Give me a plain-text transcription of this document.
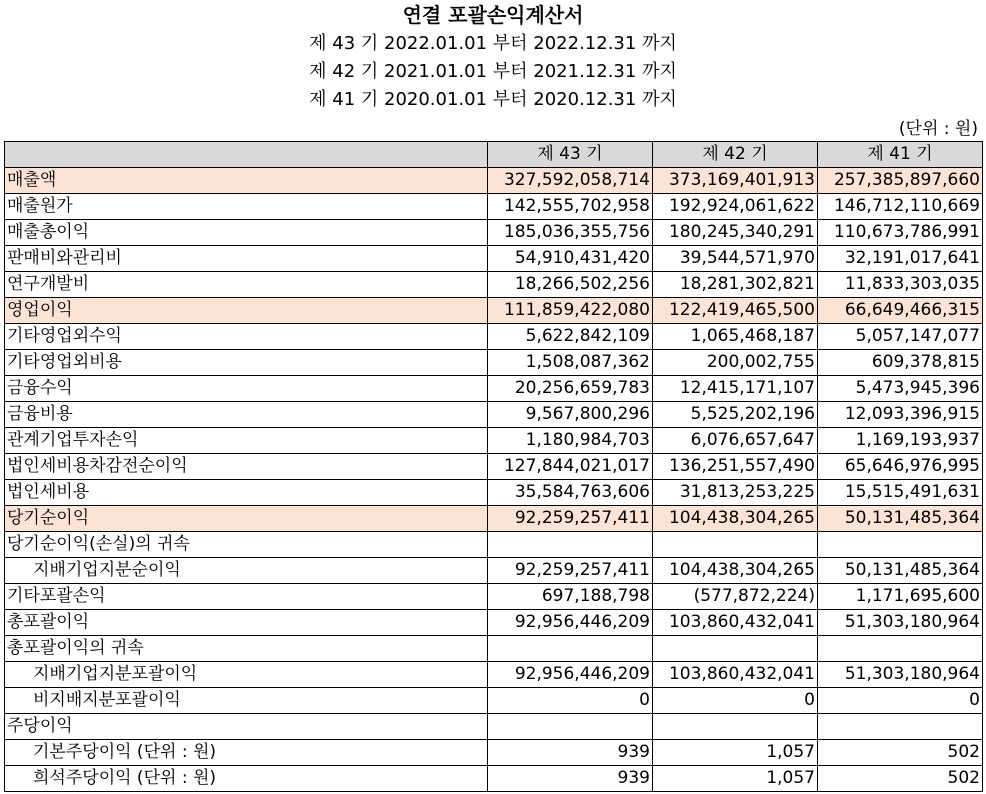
연결 포괄손익계산서
제 43 기 2022.01.01 부터 2022.12.31 까지
제 42 기 2021.01.01 부터 2021.12.31 까지
제 41 기 2020.01.01 부터 2020.12.31 까지
(단위 : 원)
	제 43 기	제 42 기	제 41 기
매출액	327,592,058,714	373,169,401,913	257,385,897,660
매출원가	142,555,702,958	192,924,061,622	146,712,110,669
매출총이익	185,036,355,756	180,245,340,291	110,673,786,991
판매비와관리비	54,910,431,420	39,544,571,970	32,191,017,641
연구개발비	18,266,502,256	18,281,302,821	11,833,303,035
영업이익	111,859,422,080	122,419,465,500	66,649,466,315
기타영업외수익	5,622,842,109	1,065,468,187	5,057,147,077
기타영업외비용	1,508,087,362	200,002,755	609,378,815
금융수익	20,256,659,783	12,415,171,107	5,473,945,396
금융비용	9,567,800,296	5,525,202,196	12,093,396,915
관계기업투자손익	1,180,984,703	6,076,657,647	1,169,193,937
법인세비용차감전순이익	127,844,021,017	136,251,557,490	65,646,976,995
법인세비용	35,584,763,606	31,813,253,225	15,515,491,631
당기순이익	92,259,257,411	104,438,304,265	50,131,485,364
당기순이익(손실)의 귀속			
지배기업지분순이익	92,259,257,411	104,438,304,265	50,131,485,364
기타포괄손익	697,188,798	(577,872,224)	1,171,695,600
총포괄이익	92,956,446,209	103,860,432,041	51,303,180,964
총포괄이익의 귀속			
지배기업지분포괄이익	92,956,446,209	103,860,432,041	51,303,180,964
비지배지분포괄이익	0	0	0
주당이익			
기본주당이익 (단위 : 원)	939	1,057	502
희석주당이익 (단위 : 원)	939	1,057	502
